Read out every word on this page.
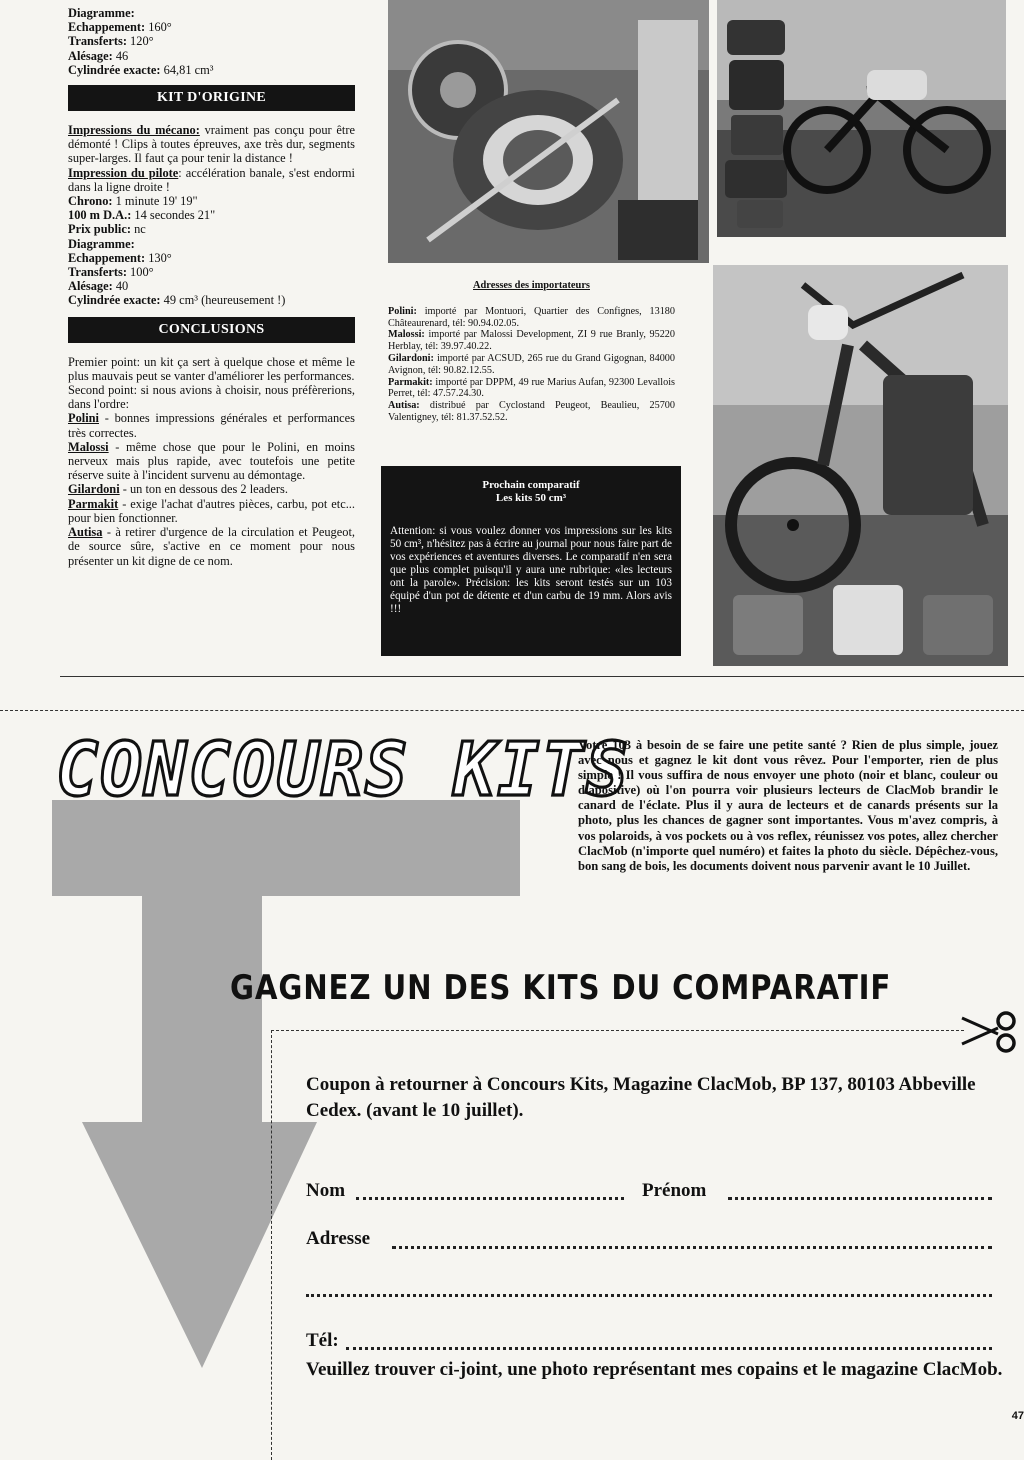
Diagramme:
Echappement: 160°
Transferts: 120°
Alésage: 46
Cylindrée exacte: 64,81 cm³
KIT D'ORIGINE

Impressions du mécano: vraiment pas conçu pour être démonté ! Clips à toutes épreuves, axe très dur, segments super-larges. Il faut ça pour tenir la distance !

Impression du pilote: accélération banale, s'est endormi dans la ligne droite !

Chrono: 1 minute 19' 19"
100 m D.A.: 14 secondes 21"
Prix public: nc
Diagramme:
Echappement: 130°
Transferts: 100°
Alésage: 40
Cylindrée exacte: 49 cm³ (heureusement !)
CONCLUSIONS

Premier point: un kit ça sert à quelque chose et même le plus mauvais peut se vanter d'améliorer les performances.

Second point: si nous avions à choisir, nous préfèrerions, dans l'ordre:

Polini - bonnes impressions générales et performances très correctes.

Malossi - même chose que pour le Polini, en moins nerveux mais plus rapide, avec toutefois une petite réserve suite à l'incident survenu au démontage.

Gilardoni - un ton en dessous des 2 leaders.

Parmakit - exige l'achat d'autres pièces, carbu, pot etc... pour bien fonctionner.

Autisa - à retirer d'urgence de la circulation et Peugeot, de source sûre, s'active en ce moment pour nous présenter un kit digne de ce nom.

Adresses des importateurs

Polini: importé par Montuori, Quartier des Confignes, 13180 Châteaurenard, tél: 90.94.02.05.

Malossi: importé par Malossi Development, ZI 9 rue Branly, 95220 Herblay, tél: 39.97.40.22.

Gilardoni: importé par ACSUD, 265 rue du Grand Gigognan, 84000 Avignon, tél: 90.82.12.55.

Parmakit: importé par DPPM, 49 rue Marius Aufan, 92300 Levallois Perret, tél: 47.57.24.30.

Autisa: distribué par Cyclostand Peugeot, Beaulieu, 25700 Valentigney, tél: 81.37.52.52.

Prochain comparatif
Les kits 50 cm³
Attention: si vous voulez donner vos impressions sur les kits 50 cm³, n'hésitez pas à écrire au journal pour nous faire part de vos expériences et aventures diverses. Le comparatif n'en sera que plus complet puisqu'il y aura une rubrique: «les lecteurs ont la parole». Précision: les kits seront testés sur un 103 équipé d'un pot de détente et d'un carbu de 19 mm. Alors avis !!!
CONCOURS KITS
Votre 103 à besoin de se faire une petite santé ? Rien de plus simple, jouez avec nous et gagnez le kit dont vous rêvez. Pour l'emporter, rien de plus simple ! Il vous suffira de nous envoyer une photo (noir et blanc, couleur ou diapositive) où l'on pourra voir plusieurs lecteurs de ClacMob brandir le canard de l'éclate. Plus il y aura de lecteurs et de canards présents sur la photo, plus les chances de gagner sont importantes. Vous m'avez compris, à vos polaroids, à vos pockets ou à vos reflex, réunissez vos potes, allez chercher ClacMob (n'importe quel numéro) et faites la photo du siècle. Dépêchez-vous, bon sang de bois, les documents doivent nous parvenir avant le 10 Juillet.
GAGNEZ UN DES KITS DU COMPARATIF
Coupon à retourner à Concours Kits, Magazine ClacMob, BP 137, 80103 Abbeville Cedex. (avant le 10 juillet).
Nom	Prénom
Adresse
Tél:
Veuillez trouver ci-joint, une photo représentant mes copains et le magazine ClacMob.
47
